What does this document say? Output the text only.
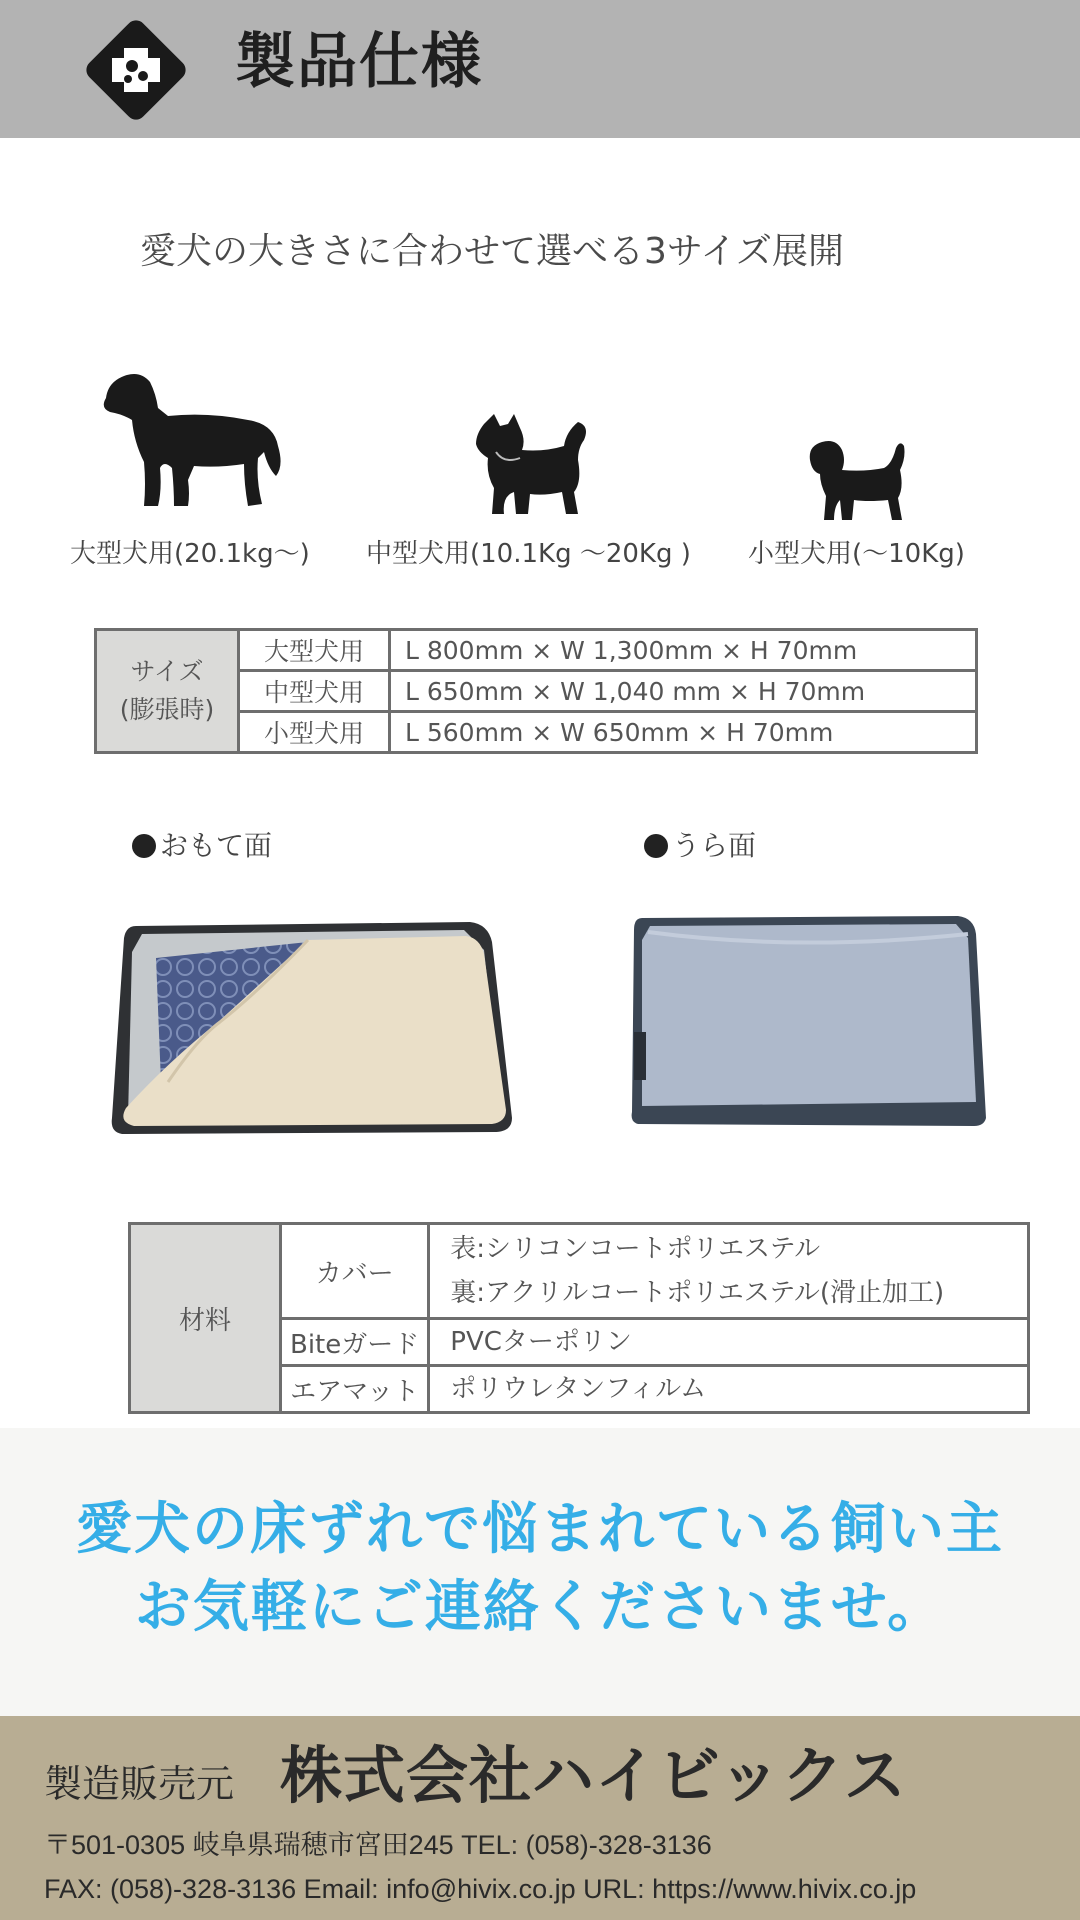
製品仕様
愛犬の大きさに合わせて選べる3サイズ展開
大型犬用(20.1kg〜) 中型犬用(10.1Kg 〜20Kg ) 小型犬用(〜10Kg)
サイズ
(膨張時)	大型犬用	L 800mm × W 1,300mm × H 70mm
	中型犬用	L 650mm × W 1,040 mm × H 70mm
	小型犬用	L 560mm × W 650mm × H 70mm
おもて面	うら面
材料	カバー	表:シリコンコートポリエステル
裏:アクリルコートポリエステル(滑止加工)

	Biteガード	PVCターポリン
	エアマット	ポリウレタンフィルム
愛犬の床ずれで悩まれている飼い主
お気軽にご連絡くださいませ。
製造販売元 株式会社ハイビックス
〒501-0305 岐阜県瑞穂市宮田245 TEL: (058)-328-3136
FAX: (058)-328-3136 Email: info@hivix.co.jp URL: https://www.hivix.co.jp
